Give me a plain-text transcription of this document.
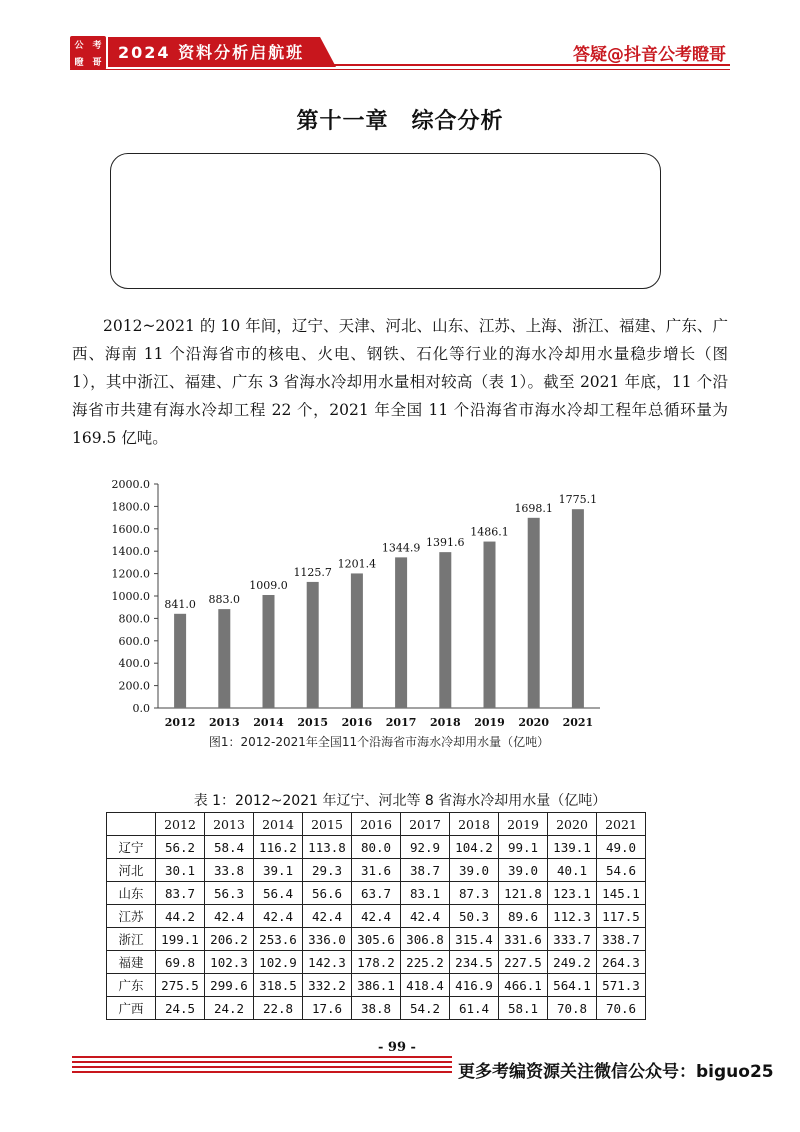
公 考
瞪 哥
2024 资料分析启航班	答疑@抖音公考瞪哥
第十一章　综合分析
2012~2021 的 10 年间，辽宁、天津、河北、山东、江苏、上海、浙江、福建、广东、广西、海南 11 个沿海省市的核电、火电、钢铁、石化等行业的海水冷却用水量稳步增长（图 1），其中浙江、福建、广东 3 省海水冷却用水量相对较高（表 1）。截至 2021 年底，11 个沿海省市共建有海水冷却工程 22 个，2021 年全国 11 个沿海省市海水冷却工程年总循环量为 169.5 亿吨。
0.0
200.0
400.0
600.0
800.0
1000.0
1200.0
1400.0
1600.0
1800.0
2000.0
841.0
2012
883.0
2013
1009.0
2014
1125.7
2015
1201.4
2016
1344.9
2017
1391.6
2018
1486.1
2019
1698.1
2020
1775.1
2021
图1：2012-2021年全国11个沿海省市海水冷却用水量（亿吨）
表 1：2012~2021 年辽宁、河北等 8 省海水冷却用水量（亿吨）
	2012	2013	2014	2015	2016	2017	2018	2019	2020	2021
辽宁	56.2	58.4	116.2	113.8	80.0	92.9	104.2	99.1	139.1	49.0
河北	30.1	33.8	39.1	29.3	31.6	38.7	39.0	39.0	40.1	54.6
山东	83.7	56.3	56.4	56.6	63.7	83.1	87.3	121.8	123.1	145.1
江苏	44.2	42.4	42.4	42.4	42.4	42.4	50.3	89.6	112.3	117.5
浙江	199.1	206.2	253.6	336.0	305.6	306.8	315.4	331.6	333.7	338.7
福建	69.8	102.3	102.9	142.3	178.2	225.2	234.5	227.5	249.2	264.3
广东	275.5	299.6	318.5	332.2	386.1	418.4	416.9	466.1	564.1	571.3
广西	24.5	24.2	22.8	17.6	38.8	54.2	61.4	58.1	70.8	70.6
- 99 -
更多考编资源关注微信公众号：biguo25
